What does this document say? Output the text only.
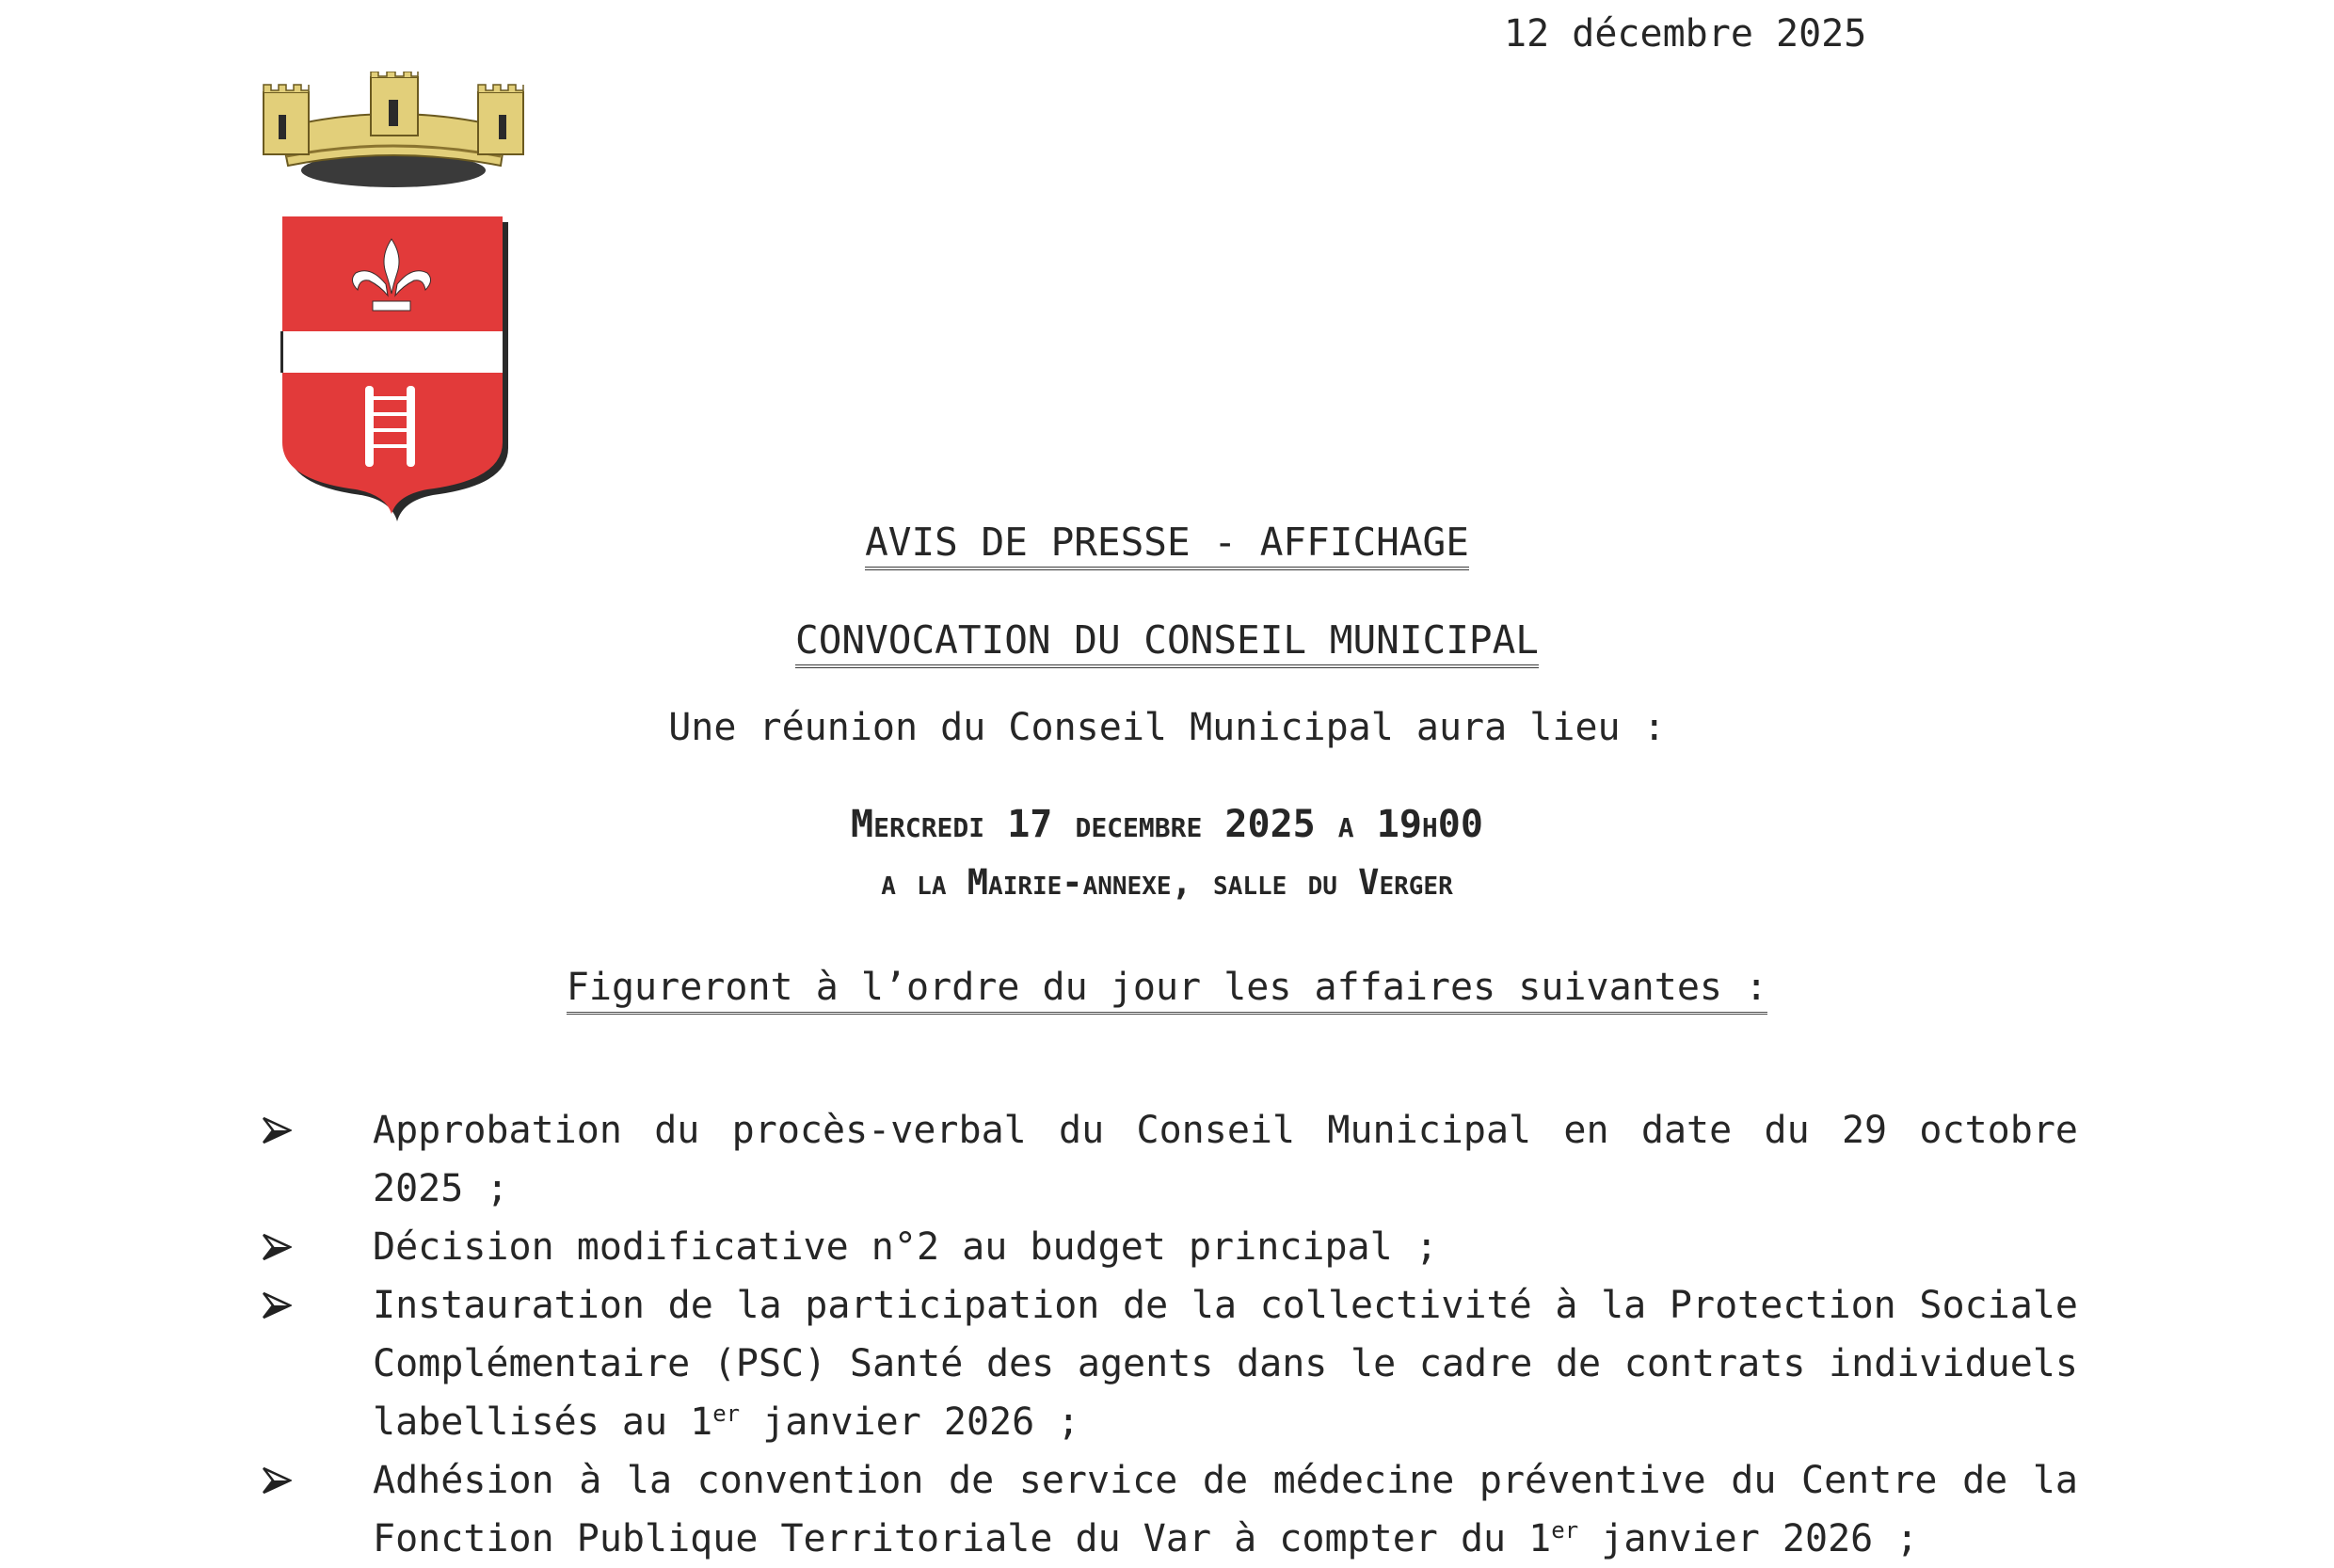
12 décembre 2025
AVIS DE PRESSE - AFFICHAGE
CONVOCATION DU CONSEIL MUNICIPAL
Une réunion du Conseil Municipal aura lieu :
Mercredi 17 decembre 2025 a 19h00
a la Mairie-annexe, salle du Verger
Figureront à l’ordre du jour les affaires suivantes :
Approbation du procès-verbal du Conseil Municipal en date du 29 octobre 2025 ;
Décision modificative n°2 au budget principal ;
Instauration de la participation de la collectivité à la Protection Sociale Complémentaire (PSC) Santé des agents dans le cadre de contrats individuels labellisés au 1er janvier 2026 ;
Adhésion à la convention de service de médecine préventive du Centre de la Fonction Publique Territoriale du Var à compter du 1er janvier 2026 ;
